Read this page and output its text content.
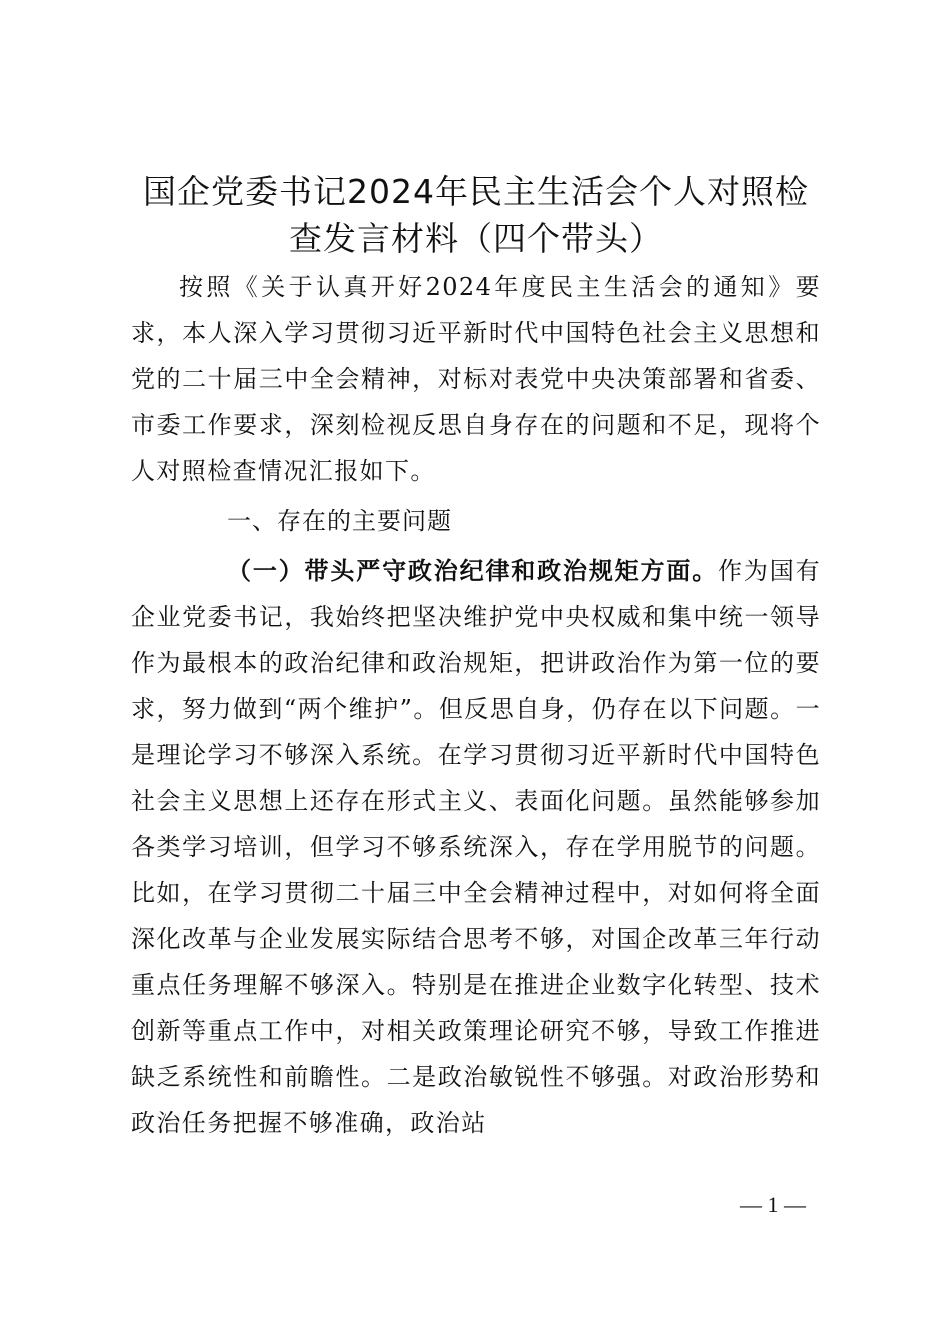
国企党委书记2024年民主生活会个人对照检
查发言材料（四个带头）

按照《关于认真开好2024年度民主生活会的通知》要求，本人深入学习贯彻习近平新时代中国特色社会主义思想和党的二十届三中全会精神，对标对表党中央决策部署和省委、市委工作要求，深刻检视反思自身存在的问题和不足，现将个人对照检查情况汇报如下。

一、存在的主要问题

（一）带头严守政治纪律和政治规矩方面。作为国有企业党委书记，我始终把坚决维护党中央权威和集中统一领导作为最根本的政治纪律和政治规矩，把讲政治作为第一位的要求，努力做到“两个维护”。但反思自身，仍存在以下问题。一是理论学习不够深入系统。在学习贯彻习近平新时代中国特色社会主义思想上还存在形式主义、表面化问题。虽然能够参加各类学习培训，但学习不够系统深入，存在学用脱节的问题。比如，在学习贯彻二十届三中全会精神过程中，对如何将全面深化改革与企业发展实际结合思考不够，对国企改革三年行动重点任务理解不够深入。特别是在推进企业数字化转型、技术创新等重点工作中，对相关政策理论研究不够，导致工作推进缺乏系统性和前瞻性。二是政治敏锐性不够强。对政治形势和政治任务把握不够准确，政治站

— 1 —
